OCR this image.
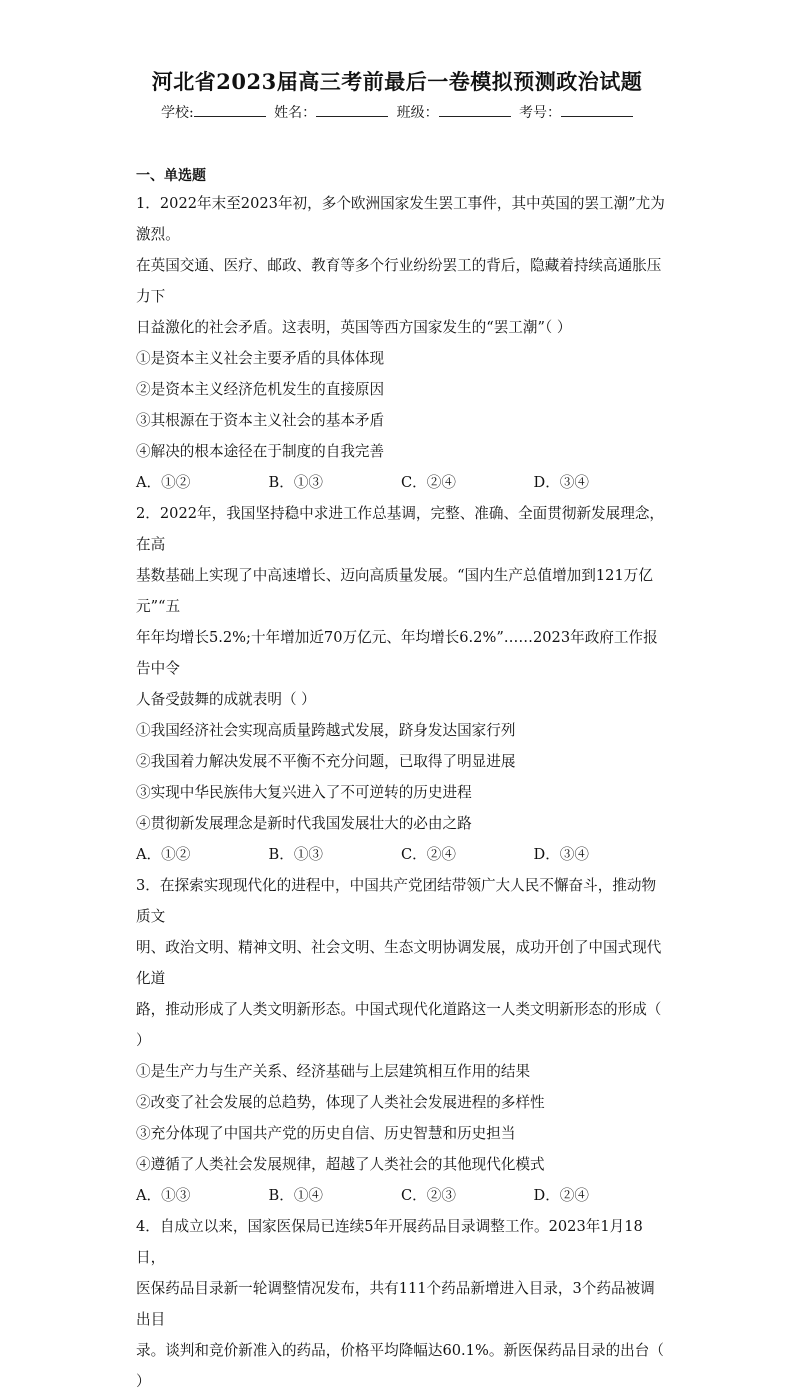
河北省2023届高三考前最后一卷模拟预测政治试题
学校:	姓名：	班级：	考号：
一、单选题

1．2022年末至2023年初，多个欧洲国家发生罢工事件，其中英国的罢工潮”尤为激烈。

在英国交通、医疗、邮政、教育等多个行业纷纷罢工的背后，隐藏着持续高通胀压力下

日益激化的社会矛盾。这表明，英国等西方国家发生的“罢工潮”（ ）

①是资本主义社会主要矛盾的具体体现

②是资本主义经济危机发生的直接原因

③其根源在于资本主义社会的基本矛盾

④解决的根本途径在于制度的自我完善

A．①②	B．①③	C．②④	D．③④

2．2022年，我国坚持稳中求进工作总基调，完整、准确、全面贯彻新发展理念，在高

基数基础上实现了中高速增长、迈向高质量发展。“国内生产总值增加到121万亿元”“五

年年均增长5.2%;十年增加近70万亿元、年均增长6.2%”……2023年政府工作报告中令

人备受鼓舞的成就表明（ ）

①我国经济社会实现高质量跨越式发展，跻身发达国家行列

②我国着力解决发展不平衡不充分问题，已取得了明显进展

③实现中华民族伟大复兴进入了不可逆转的历史进程

④贯彻新发展理念是新时代我国发展壮大的必由之路

A．①②	B．①③	C．②④	D．③④

3．在探索实现现代化的进程中，中国共产党团结带领广大人民不懈奋斗，推动物质文

明、政治文明、精神文明、社会文明、生态文明协调发展，成功开创了中国式现代化道

路，推动形成了人类文明新形态。中国式现代化道路这一人类文明新形态的形成（ ）

①是生产力与生产关系、经济基础与上层建筑相互作用的结果

②改变了社会发展的总趋势，体现了人类社会发展进程的多样性

③充分体现了中国共产党的历史自信、历史智慧和历史担当

④遵循了人类社会发展规律，超越了人类社会的其他现代化模式

A．①③	B．①④	C．②③	D．②④

4．自成立以来，国家医保局已连续5年开展药品目录调整工作。2023年1月18日，

医保药品目录新一轮调整情况发布，共有111个药品新增进入目录，3个药品被调出目

录。谈判和竞价新准入的药品，价格平均降幅达60.1%。新医保药品目录的出台（ ）
